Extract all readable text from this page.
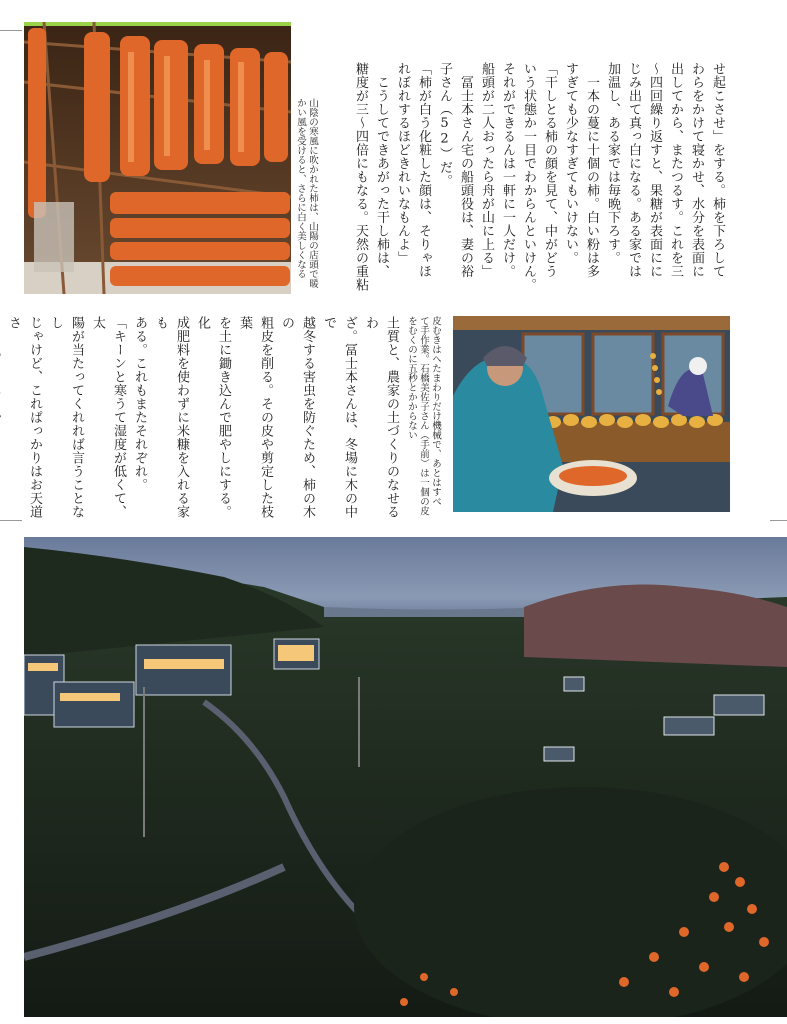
山陰の寒風に吹かれた柿は、山陽の店頭で暖
かい風を受けると、さらに白く美しくなる	せ起こさせ」をする。柿を下ろして
わらをかけて寝かせ、水分を表面に
出してから、またつるす。これを三
〜四回繰り返すと、果糖が表面にに
じみ出て真っ白になる。ある家では
加温し、ある家では毎晩下ろす。
　一本の蔓に十個の柿。白い粉は多
すぎても少なすぎてもいけない。
「干しとる柿の顔を見て、中がどう
いう状態か一目でわからんといけん。
それができるんは一軒に一人だけ。
船頭が二人おったら舟が山に上る」
　冨士本さん宅の船頭役は、妻の裕
子さん（52）だ。
「柿が白う化粧した顔は、そりゃほ
れぼれするほどきれいなもんよ」
　こうしてできあがった干し柿は、
糖度が三〜四倍にもなる。天然の重粘
皮むきはへたまわりだけ機械で、あとはすべ
て手作業。石橋美佐子さん（手前）は一個の皮
をむくのに五秒とかからない
土質と、農家の土づくりのなせるわ
ざ。冨士本さんは、冬場に木の中で
越冬する害虫を防ぐため、柿の木の
粗皮を削る。その皮や剪定した枝葉
を土に鋤き込んで肥やしにする。化
成肥料を使わずに米糠を入れる家も
ある。これもまたそれぞれ。
「キーンと寒うて湿度が低くて、太
陽が当たってくれれば言うことなし
じゃけど、これぱっかりはお天道さ
